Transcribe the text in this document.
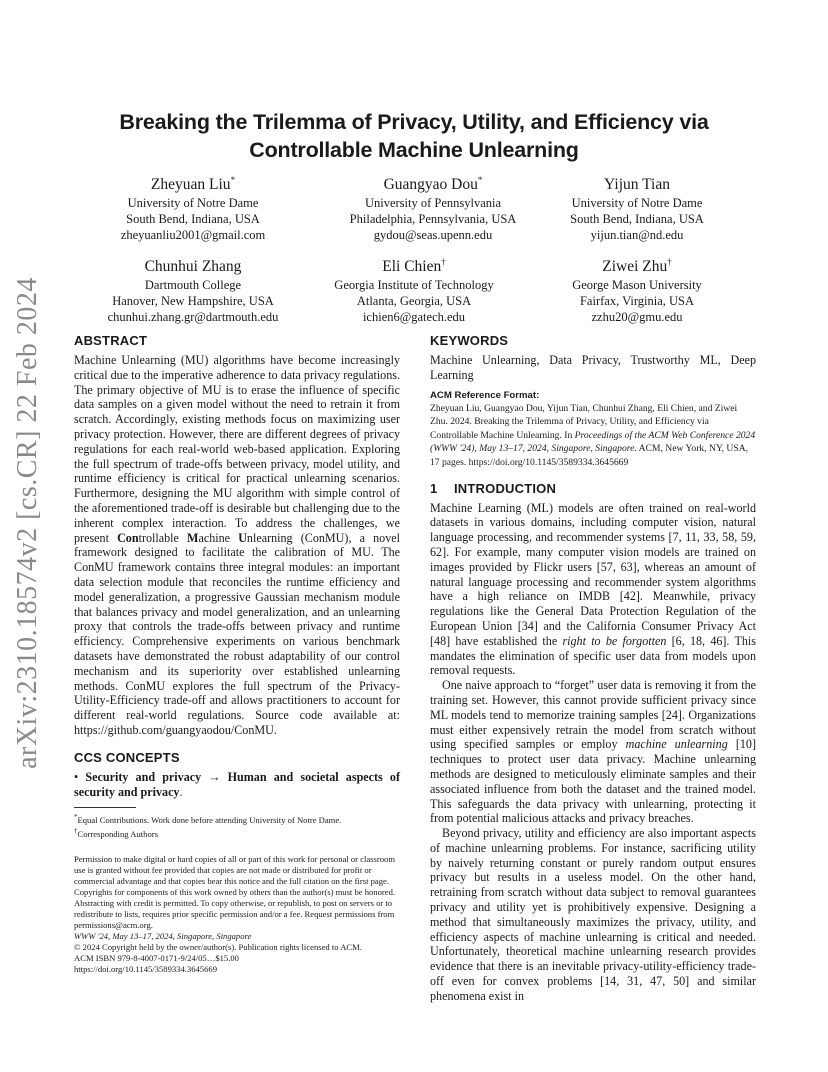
arXiv:2310.18574v2 [cs.CR] 22 Feb 2024
Breaking the Trilemma of Privacy, Utility, and Efficiency via
Controllable Machine Unlearning
Zheyuan Liu*
University of Notre Dame
South Bend, Indiana, USA
zheyuanliu2001@gmail.com
Guangyao Dou*
University of Pennsylvania
Philadelphia, Pennsylvania, USA
gydou@seas.upenn.edu
Yijun Tian
University of Notre Dame
South Bend, Indiana, USA
yijun.tian@nd.edu
Chunhui Zhang
Dartmouth College
Hanover, New Hampshire, USA
chunhui.zhang.gr@dartmouth.edu
Eli Chien†
Georgia Institute of Technology
Atlanta, Georgia, USA
ichien6@gatech.edu
Ziwei Zhu†
George Mason University
Fairfax, Virginia, USA
zzhu20@gmu.edu
ABSTRACT

Machine Unlearning (MU) algorithms have become increasingly critical due to the imperative adherence to data privacy regulations. The primary objective of MU is to erase the influence of specific data samples on a given model without the need to retrain it from scratch. Accordingly, existing methods focus on maximizing user privacy protection. However, there are different degrees of privacy regulations for each real-world web-based application. Exploring the full spectrum of trade-offs between privacy, model utility, and runtime efficiency is critical for practical unlearning scenarios. Furthermore, designing the MU algorithm with simple control of the aforementioned trade-off is desirable but challenging due to the inherent complex interaction. To address the challenges, we present Controllable Machine Unlearning (ConMU), a novel framework designed to facilitate the calibration of MU. The ConMU framework contains three integral modules: an important data selection module that reconciles the runtime efficiency and model generalization, a progressive Gaussian mechanism module that balances privacy and model generalization, and an unlearning proxy that controls the trade-offs between privacy and runtime efficiency. Comprehensive experiments on various benchmark datasets have demonstrated the robust adaptability of our control mechanism and its superiority over established unlearning methods. ConMU explores the full spectrum of the Privacy-Utility-Efficiency trade-off and allows practitioners to account for different real-world regulations. Source code available at: https://github.com/guangyaodou/ConMU.

CCS CONCEPTS

• Security and privacy → Human and societal aspects of security and privacy.

*Equal Contributions. Work done before attending University of Notre Dame.
†Corresponding Authors
Permission to make digital or hard copies of all or part of this work for personal or classroom use is granted without fee provided that copies are not made or distributed for profit or commercial advantage and that copies bear this notice and the full citation on the first page. Copyrights for components of this work owned by others than the author(s) must be honored. Abstracting with credit is permitted. To copy otherwise, or republish, to post on servers or to redistribute to lists, requires prior specific permission and/or a fee. Request permissions from permissions@acm.org.
WWW '24, May 13–17, 2024, Singapore, Singapore
© 2024 Copyright held by the owner/author(s). Publication rights licensed to ACM.
ACM ISBN 979-8-4007-0171-9/24/05…$15.00
https://doi.org/10.1145/3589334.3645669
KEYWORDS

Machine Unlearning, Data Privacy, Trustworthy ML, Deep Learning

ACM Reference Format:

Zheyuan Liu, Guangyao Dou, Yijun Tian, Chunhui Zhang, Eli Chien, and Ziwei Zhu. 2024. Breaking the Trilemma of Privacy, Utility, and Efficiency via Controllable Machine Unlearning. In Proceedings of the ACM Web Conference 2024 (WWW '24), May 13–17, 2024, Singapore, Singapore. ACM, New York, NY, USA, 17 pages. https://doi.org/10.1145/3589334.3645669

1 INTRODUCTION

Machine Learning (ML) models are often trained on real-world datasets in various domains, including computer vision, natural language processing, and recommender systems [7, 11, 33, 58, 59, 62]. For example, many computer vision models are trained on images provided by Flickr users [57, 63], whereas an amount of natural language processing and recommender system algorithms have a high reliance on IMDB [42]. Meanwhile, privacy regulations like the General Data Protection Regulation of the European Union [34] and the California Consumer Privacy Act [48] have established the right to be forgotten [6, 18, 46]. This mandates the elimination of specific user data from models upon removal requests.

One naive approach to “forget” user data is removing it from the training set. However, this cannot provide sufficient privacy since ML models tend to memorize training samples [24]. Organizations must either expensively retrain the model from scratch without using specified samples or employ machine unlearning [10] techniques to protect user data privacy. Machine unlearning methods are designed to meticulously eliminate samples and their associated influence from both the dataset and the trained model. This safeguards the data privacy with unlearning, protecting it from potential malicious attacks and privacy breaches.

Beyond privacy, utility and efficiency are also important aspects of machine unlearning problems. For instance, sacrificing utility by naively returning constant or purely random output ensures privacy but results in a useless model. On the other hand, retraining from scratch without data subject to removal guarantees privacy and utility yet is prohibitively expensive. Designing a method that simultaneously maximizes the privacy, utility, and efficiency aspects of machine unlearning is critical and needed. Unfortunately, theoretical machine unlearning research provides evidence that there is an inevitable privacy-utility-efficiency trade-off even for convex problems [14, 31, 47, 50] and similar phenomena exist in
